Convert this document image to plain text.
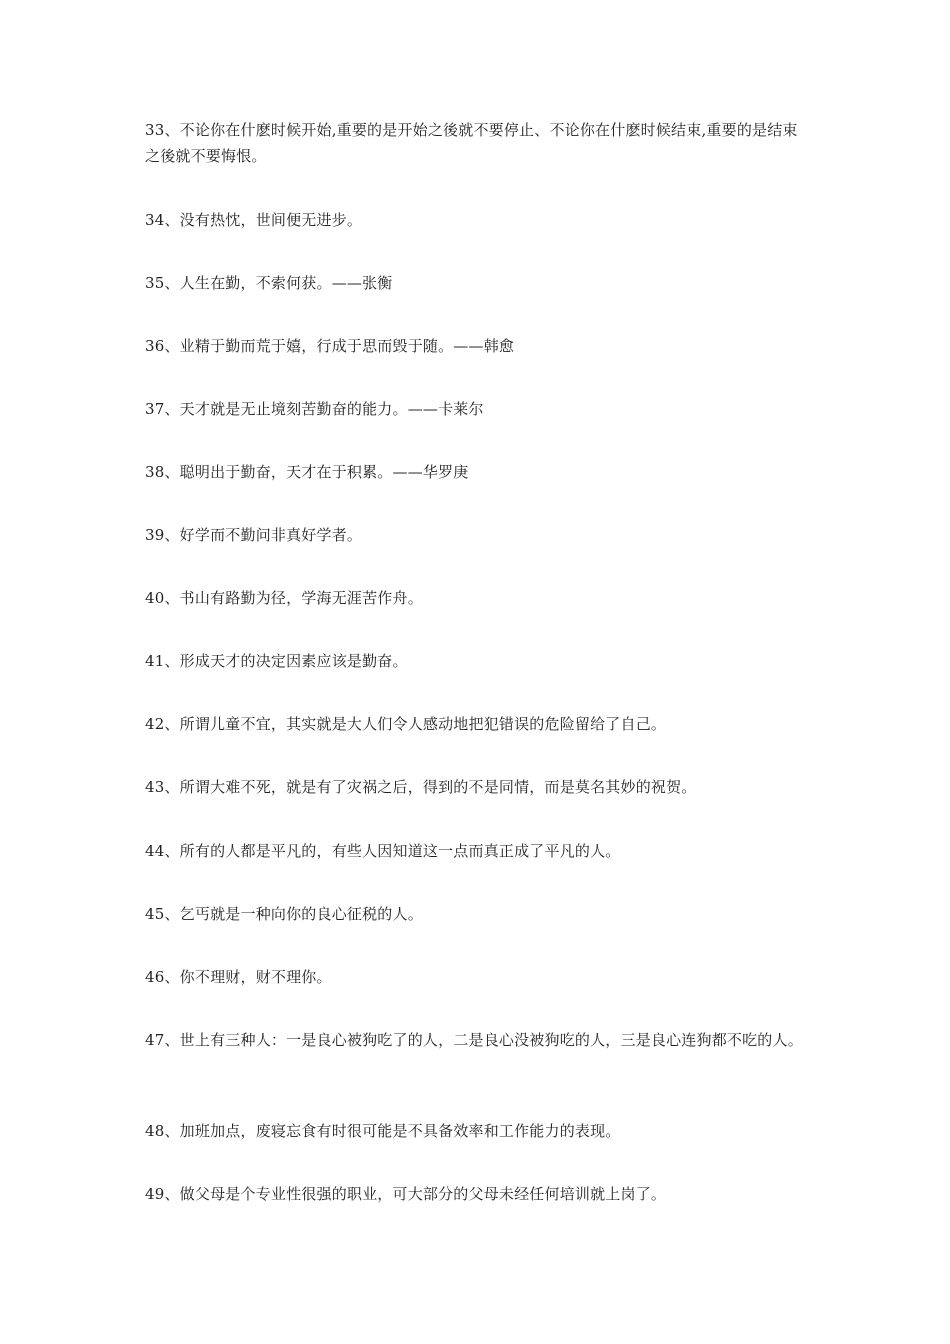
33、不论你在什麽时候开始,重要的是开始之後就不要停止、不论你在什麽时候结束,重要的是结束之後就不要悔恨。

34、没有热忱，世间便无进步。

35、人生在勤，不索何获。——张衡

36、业精于勤而荒于嬉，行成于思而毁于随。——韩愈

37、天才就是无止境刻苦勤奋的能力。——卡莱尔

38、聪明出于勤奋，天才在于积累。——华罗庚

39、好学而不勤问非真好学者。

40、书山有路勤为径，学海无涯苦作舟。

41、形成天才的决定因素应该是勤奋。

42、所谓儿童不宜，其实就是大人们令人感动地把犯错误的危险留给了自己。

43、所谓大难不死，就是有了灾祸之后，得到的不是同情，而是莫名其妙的祝贺。

44、所有的人都是平凡的，有些人因知道这一点而真正成了平凡的人。

45、乞丐就是一种向你的良心征税的人。

46、你不理财，财不理你。

47、世上有三种人：一是良心被狗吃了的人，二是良心没被狗吃的人，三是良心连狗都不吃的人。

48、加班加点，废寝忘食有时很可能是不具备效率和工作能力的表现。

49、做父母是个专业性很强的职业，可大部分的父母未经任何培训就上岗了。
